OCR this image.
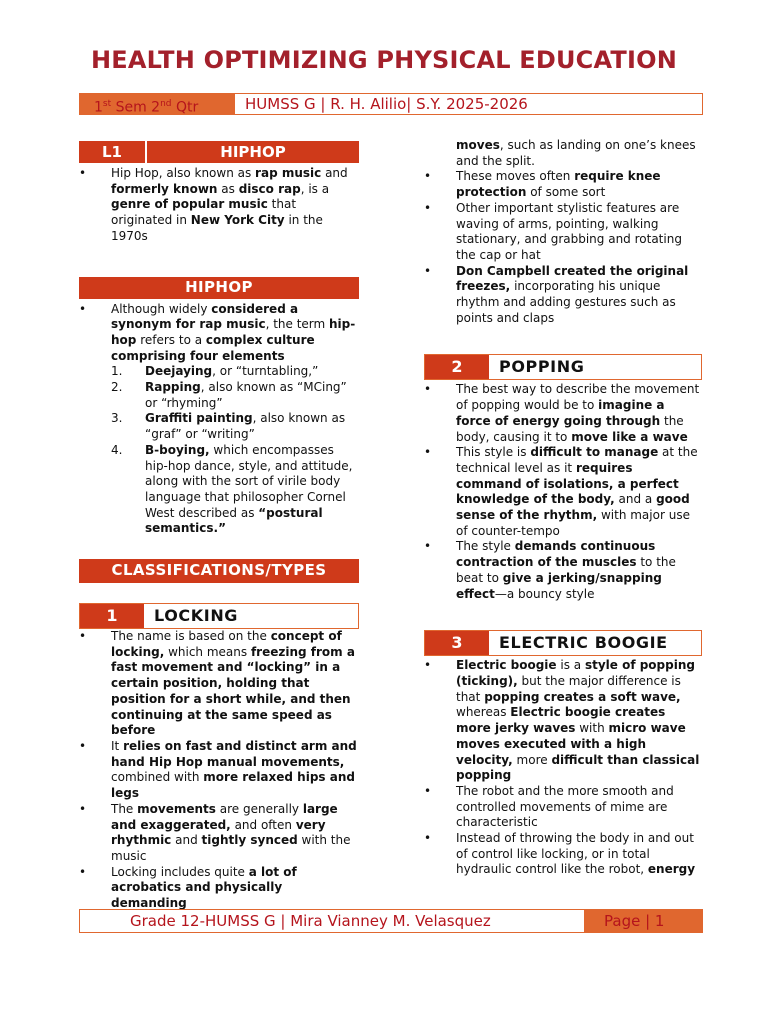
HEALTH OPTIMIZING PHYSICAL EDUCATION
1st Sem 2nd Qtr	HUMSS G | R. H. Alilio| S.Y. 2025-2026
L1	HIPHOP
• Hip Hop, also known as rap music and formerly known as disco rap, is a genre of popular music that originated in New York City in the 1970s
HIPHOP
• Although widely considered a synonym for rap music, the term hip-hop refers to a complex culture comprising four elements
1. Deejaying, or “turntabling,”
2. Rapping, also known as “MCing” or “rhyming”
3. Graffiti painting, also known as “graf” or “writing”
4. B-boying, which encompasses hip-hop dance, style, and attitude, along with the sort of virile body language that philosopher Cornel West described as “postural semantics.”
CLASSIFICATIONS/TYPES
1	LOCKING
• The name is based on the concept of locking, which means freezing from a fast movement and “locking” in a certain position, holding that position for a short while, and then continuing at the same speed as before
• It relies on fast and distinct arm and hand Hip Hop manual movements, combined with more relaxed hips and legs
• The movements are generally large and exaggerated, and often very rhythmic and tightly synced with the music
• Locking includes quite a lot of acrobatics and physically demanding
moves, such as landing on one’s knees and the split.
• These moves often require knee protection of some sort
• Other important stylistic features are waving of arms, pointing, walking stationary, and grabbing and rotating the cap or hat
• Don Campbell created the original freezes, incorporating his unique rhythm and adding gestures such as points and claps
2	POPPING
• The best way to describe the movement of popping would be to imagine a force of energy going through the body, causing it to move like a wave
• This style is difficult to manage at the technical level as it requires command of isolations, a perfect knowledge of the body, and a good sense of the rhythm, with major use of counter-tempo
• The style demands continuous contraction of the muscles to the beat to give a jerking/snapping effect—a bouncy style
3	ELECTRIC BOOGIE
• Electric boogie is a style of popping (ticking), but the major difference is that popping creates a soft wave, whereas Electric boogie creates more jerky waves with micro wave moves executed with a high velocity, more difficult than classical popping
• The robot and the more smooth and controlled movements of mime are characteristic
• Instead of throwing the body in and out of control like locking, or in total hydraulic control like the robot, energy
Grade 12-HUMSS G | Mira Vianney M. Velasquez	Page | 1
